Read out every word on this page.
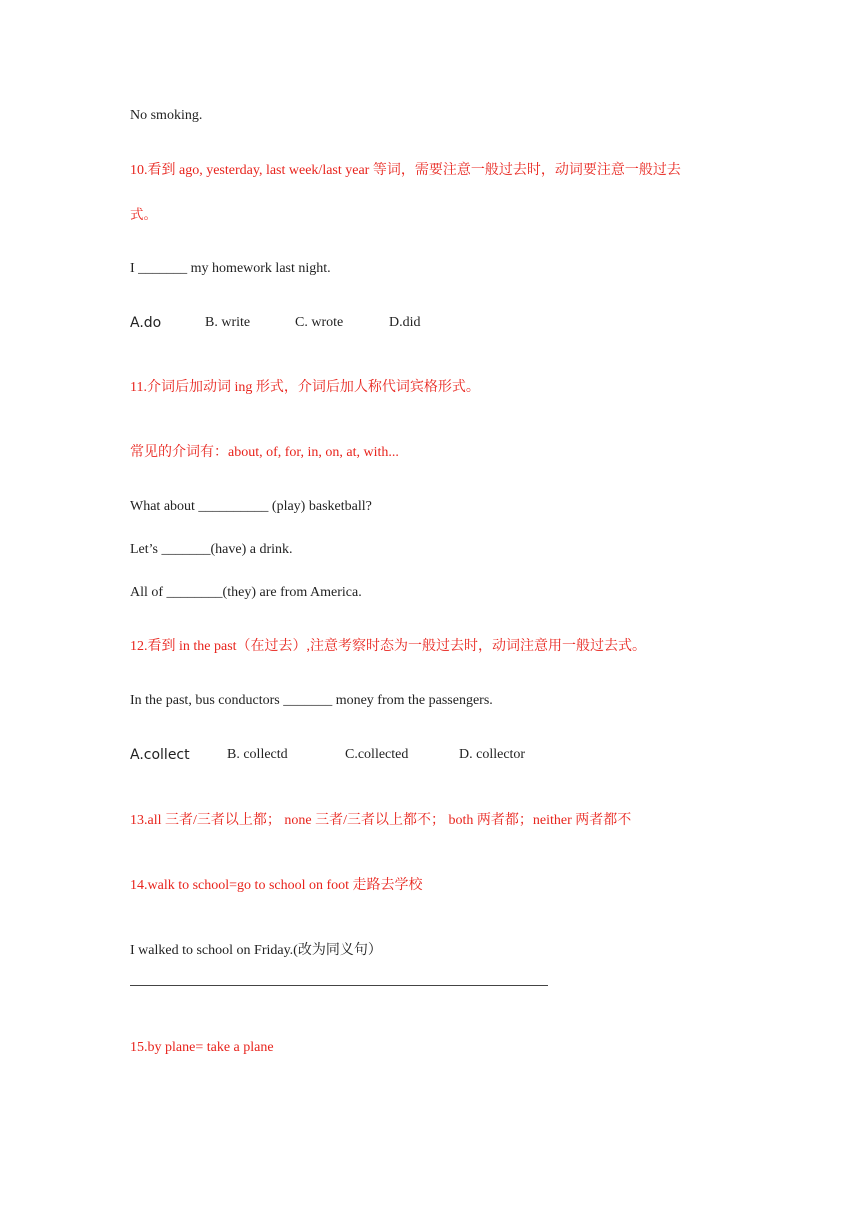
No smoking.
10.看到 ago, yesterday, last week/last year 等词，需要注意一般过去时，动词要注意一般过去
式。
I _______ my homework last night.
A.do	B. write	C. wrote	D.did
11.介词后加动词 ing 形式，介词后加人称代词宾格形式。
常见的介词有：about, of, for, in, on, at, with...
What about __________ (play) basketball?
Let’s _______(have) a drink.
All of ________(they) are from America.
12.看到 in the past（在过去）,注意考察时态为一般过去时，动词注意用一般过去式。
In the past, bus conductors _______ money from the passengers.
A.collect	B. collectd	C.collected	D. collector
13.all 三者/三者以上都； none 三者/三者以上都不； both 两者都；neither 两者都不
14.walk to school=go to school on foot 走路去学校
I walked to school on Friday.(改为同义句）
15.by plane= take a plane
